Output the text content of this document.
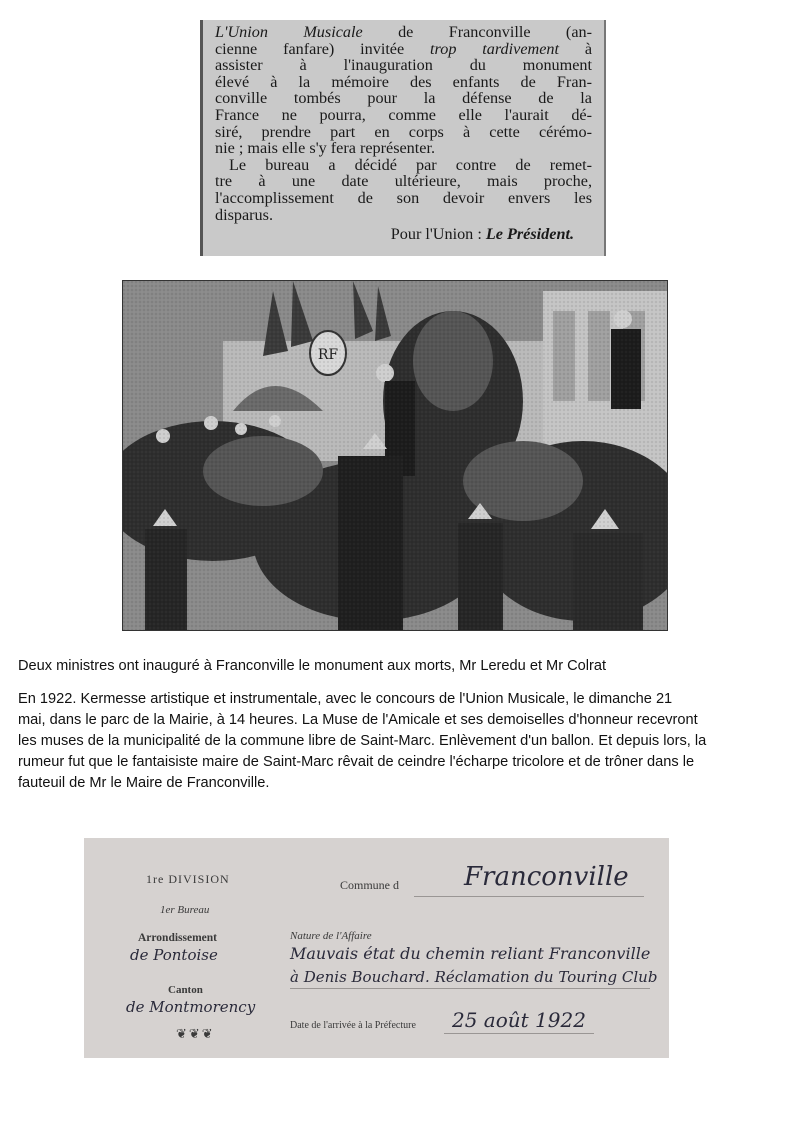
L'Union Musicale de Franconville (an-
cienne fanfare) invitée trop tardivement à
assister à l'inauguration du monument
élevé à la mémoire des enfants de Fran-
conville tombés pour la défense de la
France ne pourra, comme elle l'aurait dé-
siré, prendre part en corps à cette cérémo-
nie ; mais elle s'y fera représenter.
Le bureau a décidé par contre de remet-
tre à une date ultérieure, mais proche,
l'accomplissement de son devoir envers les
disparus.
Pour l'Union : Le Président.
Deux ministres ont inauguré à Franconville le monument aux morts, Mr Leredu et Mr Colrat
En 1922. Kermesse artistique et instrumentale, avec le concours de l'Union Musicale, le dimanche 21
mai, dans le parc de la Mairie, à 14 heures. La Muse de l'Amicale et ses demoiselles d'honneur recevront
les muses de la municipalité de la commune libre de Saint-Marc. Enlèvement d'un ballon. Et depuis lors, la
rumeur fut que le fantaisiste maire de Saint-Marc rêvait de ceindre l'écharpe tricolore et de trôner dans le
fauteuil de Mr le Maire de Franconville.
1re DIVISION
1er Bureau
Arrondissement
de Pontoise
Canton
de Montmorency
❦❦❦
Commune d	Franconville
Nature de l'Affaire
Mauvais état du chemin reliant Franconville
à Denis Bouchard. Réclamation du Touring Club
Date de l'arrivée à la Préfecture 25 août 1922
